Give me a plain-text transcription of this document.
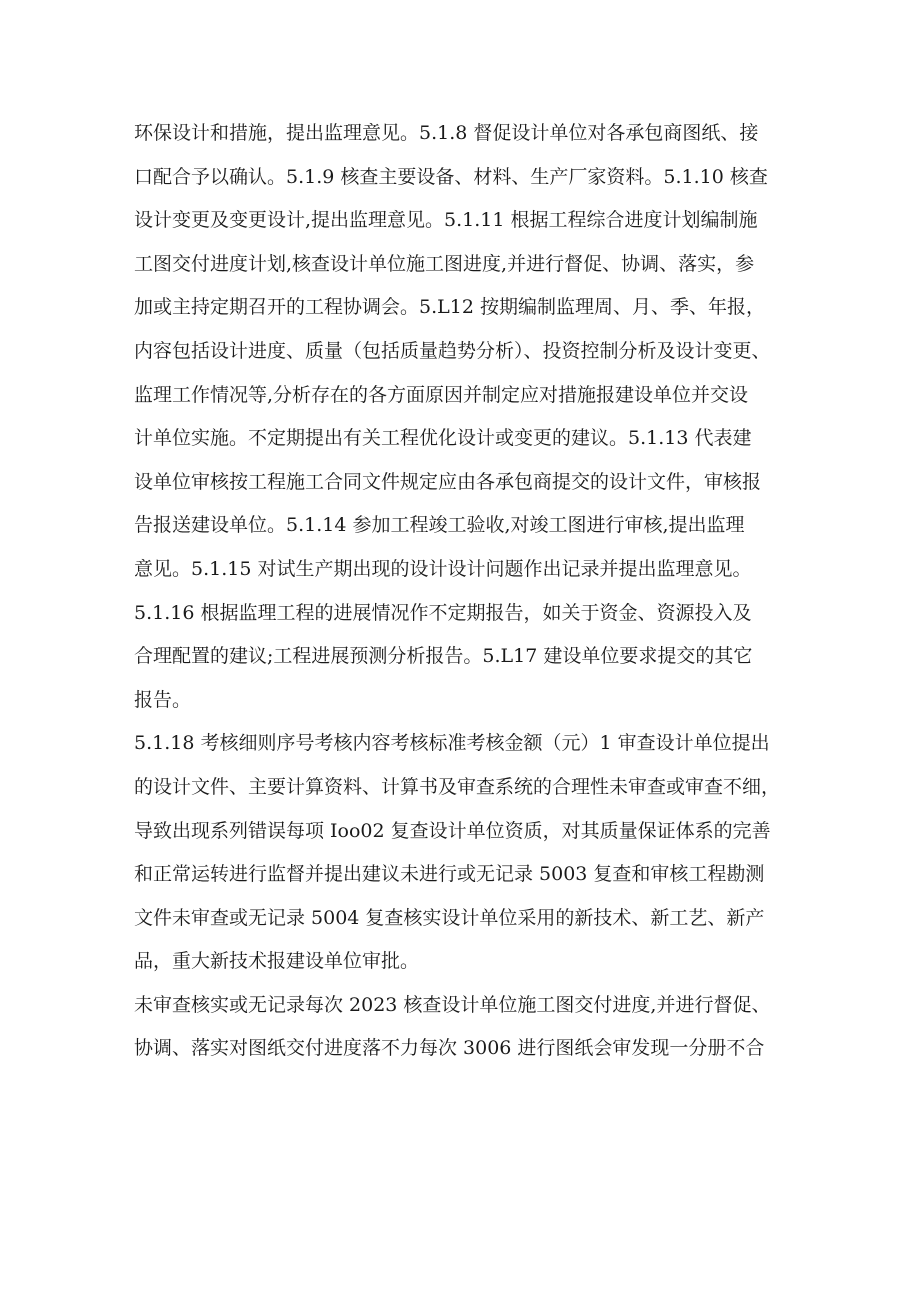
环保设计和措施，提出监理意见。5.1.8 督促设计单位对各承包商图纸、接

口配合予以确认。5.1.9 核查主要设备、材料、生产厂家资料。5.1.10 核查

设计变更及变更设计,提出监理意见。5.1.11 根据工程综合进度计划编制施

工图交付进度计划,核查设计单位施工图进度,并进行督促、协调、落实，参

加或主持定期召开的工程协调会。5.L12 按期编制监理周、月、季、年报，

内容包括设计进度、质量（包括质量趋势分析）、投资控制分析及设计变更、

监理工作情况等,分析存在的各方面原因并制定应对措施报建设单位并交设

计单位实施。不定期提出有关工程优化设计或变更的建议。5.1.13 代表建

设单位审核按工程施工合同文件规定应由各承包商提交的设计文件，审核报

告报送建设单位。5.1.14 参加工程竣工验收,对竣工图进行审核,提出监理

意见。5.1.15 对试生产期出现的设计设计问题作出记录并提出监理意见。

5.1.16 根据监理工程的进展情况作不定期报告，如关于资金、资源投入及

合理配置的建议;工程进展预测分析报告。5.L17 建设单位要求提交的其它

报告。

5.1.18 考核细则序号考核内容考核标准考核金额（元）1 审查设计单位提出

的设计文件、主要计算资料、计算书及审查系统的合理性未审查或审查不细，

导致出现系列错误每项 Ioo02 复查设计单位资质，对其质量保证体系的完善

和正常运转进行监督并提出建议未进行或无记录 5003 复查和审核工程勘测

文件未审查或无记录 5004 复查核实设计单位采用的新技术、新工艺、新产

品，重大新技术报建设单位审批。

未审查核实或无记录每次 2023 核查设计单位施工图交付进度,并进行督促、

协调、落实对图纸交付进度落不力每次 3006 进行图纸会审发现一分册不合
